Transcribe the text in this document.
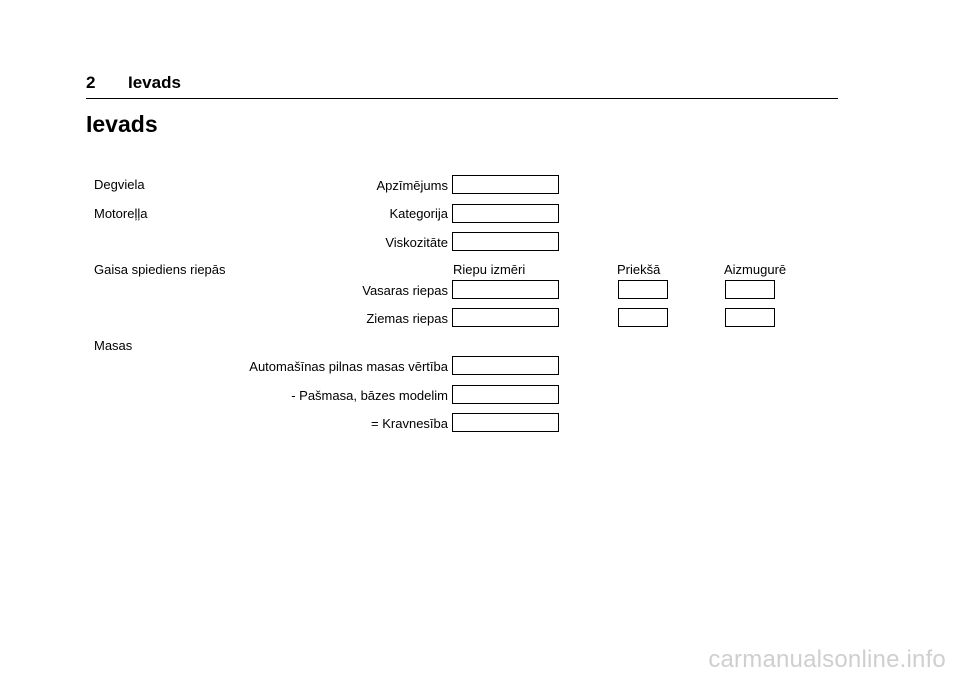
2 Ievads
Ievads
Degviela	Apzīmējums
Motoreļļa	Kategorija
Viskozitāte
Gaisa spiediens riepās	Riepu izmēri	Priekšā	Aizmugurē
Vasaras riepas
Ziemas riepas
Masas
Automašīnas pilnas masas vērtība
- Pašmasa, bāzes modelim
= Kravnesība
carmanualsonline.info
